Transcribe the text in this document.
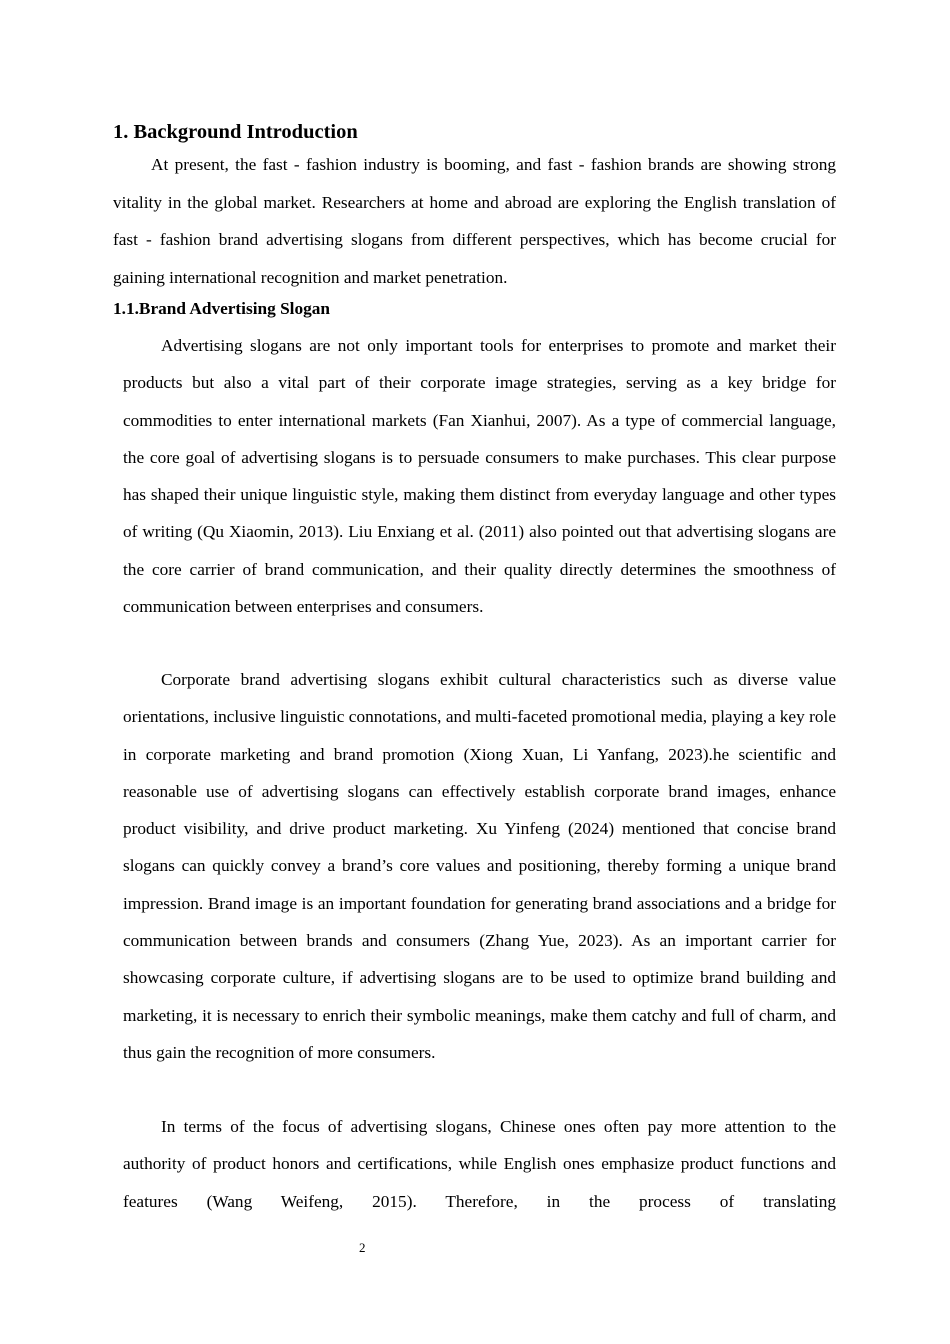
1. Background Introduction

At present, the fast - fashion industry is booming, and fast - fashion brands are showing strong vitality in the global market. Researchers at home and abroad are exploring the English translation of fast - fashion brand advertising slogans from different perspectives, which has become crucial for gaining international recognition and market penetration.

1.1.Brand Advertising Slogan

Advertising slogans are not only important tools for enterprises to promote and market their products but also a vital part of their corporate image strategies, serving as a key bridge for commodities to enter international markets (Fan Xianhui, 2007). As a type of commercial language, the core goal of advertising slogans is to persuade consumers to make purchases. This clear purpose has shaped their unique linguistic style, making them distinct from everyday language and other types of writing (Qu Xiaomin, 2013). Liu Enxiang et al. (2011) also pointed out that advertising slogans are the core carrier of brand communication, and their quality directly determines the smoothness of communication between enterprises and consumers.

Corporate brand advertising slogans exhibit cultural characteristics such as diverse value orientations, inclusive linguistic connotations, and multi-faceted promotional media, playing a key role in corporate marketing and brand promotion (Xiong Xuan, Li Yanfang, 2023).he scientific and reasonable use of advertising slogans can effectively establish corporate brand images, enhance product visibility, and drive product marketing. Xu Yinfeng (2024) mentioned that concise brand slogans can quickly convey a brand’s core values and positioning, thereby forming a unique brand impression. Brand image is an important foundation for generating brand associations and a bridge for communication between brands and consumers (Zhang Yue, 2023). As an important carrier for showcasing corporate culture, if advertising slogans are to be used to optimize brand building and marketing, it is necessary to enrich their symbolic meanings, make them catchy and full of charm, and thus gain the recognition of more consumers.

In terms of the focus of advertising slogans, Chinese ones often pay more attention to the authority of product honors and certifications, while English ones emphasize product functions and features (Wang Weifeng, 2015). Therefore, in the process of translating

2
